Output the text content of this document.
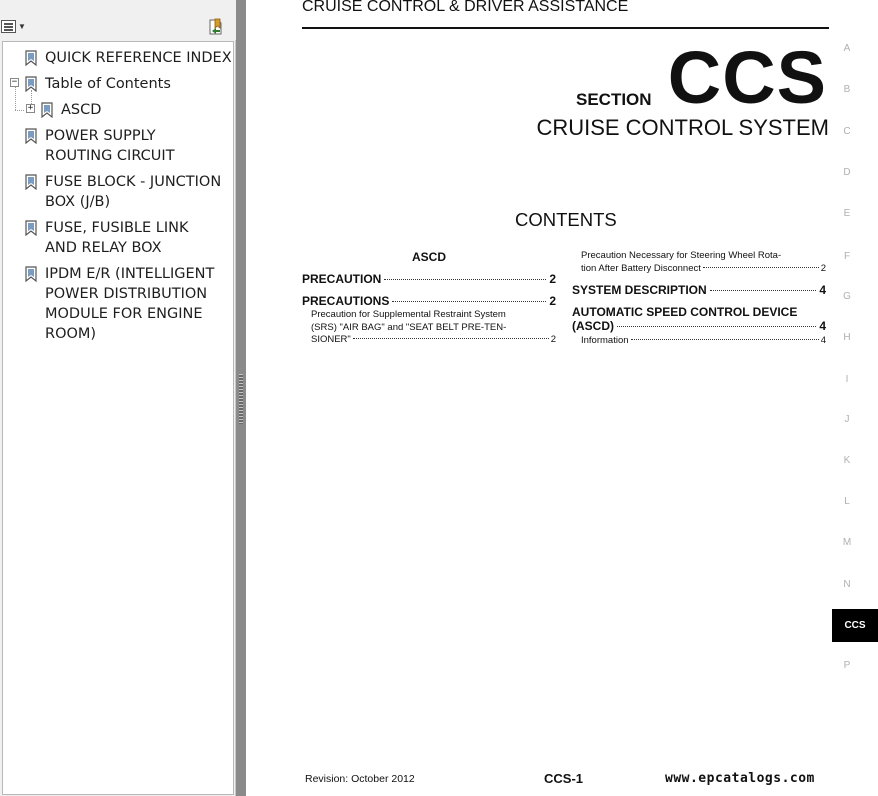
▼
QUICK REFERENCE INDEX
− Table of Contents
+ ASCD
POWER SUPPLY ROUTING CIRCUIT
FUSE BLOCK - JUNCTION BOX (J/B)
FUSE, FUSIBLE LINK AND RELAY BOX
IPDM E/R (INTELLIGENT POWER DISTRIBUTION MODULE FOR ENGINE ROOM)
CRUISE CONTROL & DRIVER ASSISTANCE
SECTION CCS
CRUISE CONTROL SYSTEM
CONTENTS
ASCD
PRECAUTION	2
PRECAUTIONS	2
Precaution for Supplemental Restraint System
(SRS) "AIR BAG" and "SEAT BELT PRE-TEN-
SIONER"	2
Precaution Necessary for Steering Wheel Rota-
tion After Battery Disconnect	2
SYSTEM DESCRIPTION	4
AUTOMATIC SPEED CONTROL DEVICE
(ASCD)	4
Information	4
A
B
C
D
E
F
G
H
I
J
K
L
M
N
P
CCS
Revision: October 2012	CCS-1	www.epcatalogs.com
